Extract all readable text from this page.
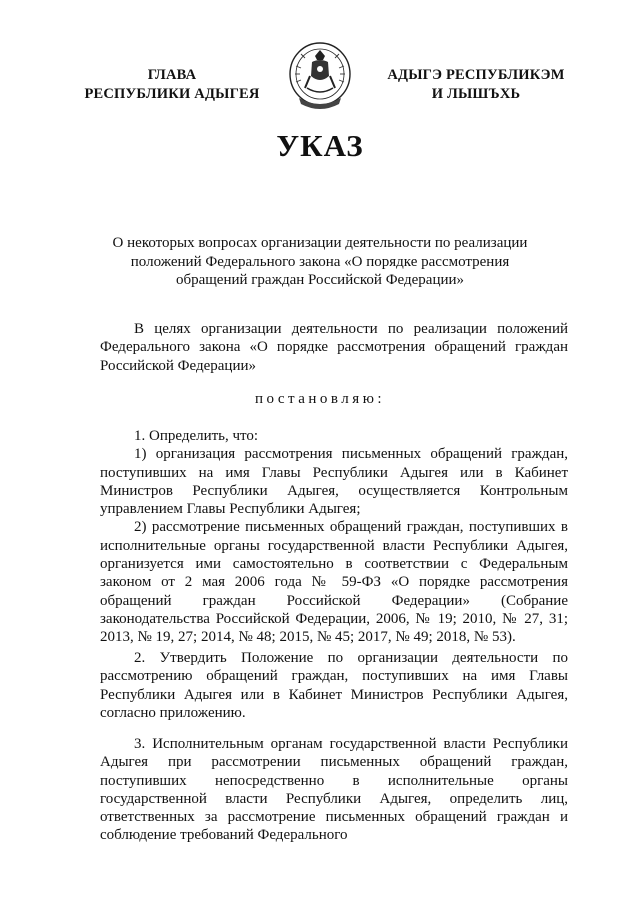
ГЛАВА
РЕСПУБЛИКИ АДЫГЕЯ
АДЫГЭ РЕСПУБЛИКЭМ
И ЛЫШЪХЬ
УКАЗ
О некоторых вопросах организации деятельности по реализации положений Федерального закона «О порядке рассмотрения обращений граждан Российской Федерации»

В целях организации деятельности по реализации положений Федерального закона «О порядке рассмотрения обращений граждан Российской Федерации»

постановляю:

1. Определить, что:

1) организация рассмотрения письменных обращений граждан, поступивших на имя Главы Республики Адыгея или в Кабинет Министров Республики Адыгея, осуществляется Контрольным управлением Главы Республики Адыгея;

2) рассмотрение письменных обращений граждан, поступивших в исполнительные органы государственной власти Республики Адыгея, организуется ими самостоятельно в соответствии с Федеральным законом от 2 мая 2006 года № 59-ФЗ «О порядке рассмотрения обращений граждан Российской Федерации» (Собрание законодательства Российской Федерации, 2006, № 19; 2010, № 27, 31; 2013, № 19, 27; 2014, № 48; 2015, № 45; 2017, № 49; 2018, № 53).

2. Утвердить Положение по организации деятельности по рассмотрению обращений граждан, поступивших на имя Главы Республики Адыгея или в Кабинет Министров Республики Адыгея, согласно приложению.

3. Исполнительным органам государственной власти Республики Адыгея при рассмотрении письменных обращений граждан, поступивших непосредственно в исполнительные органы государственной власти Республики Адыгея, определить лиц, ответственных за рассмотрение письменных обращений граждан и соблюдение требований Федерального
